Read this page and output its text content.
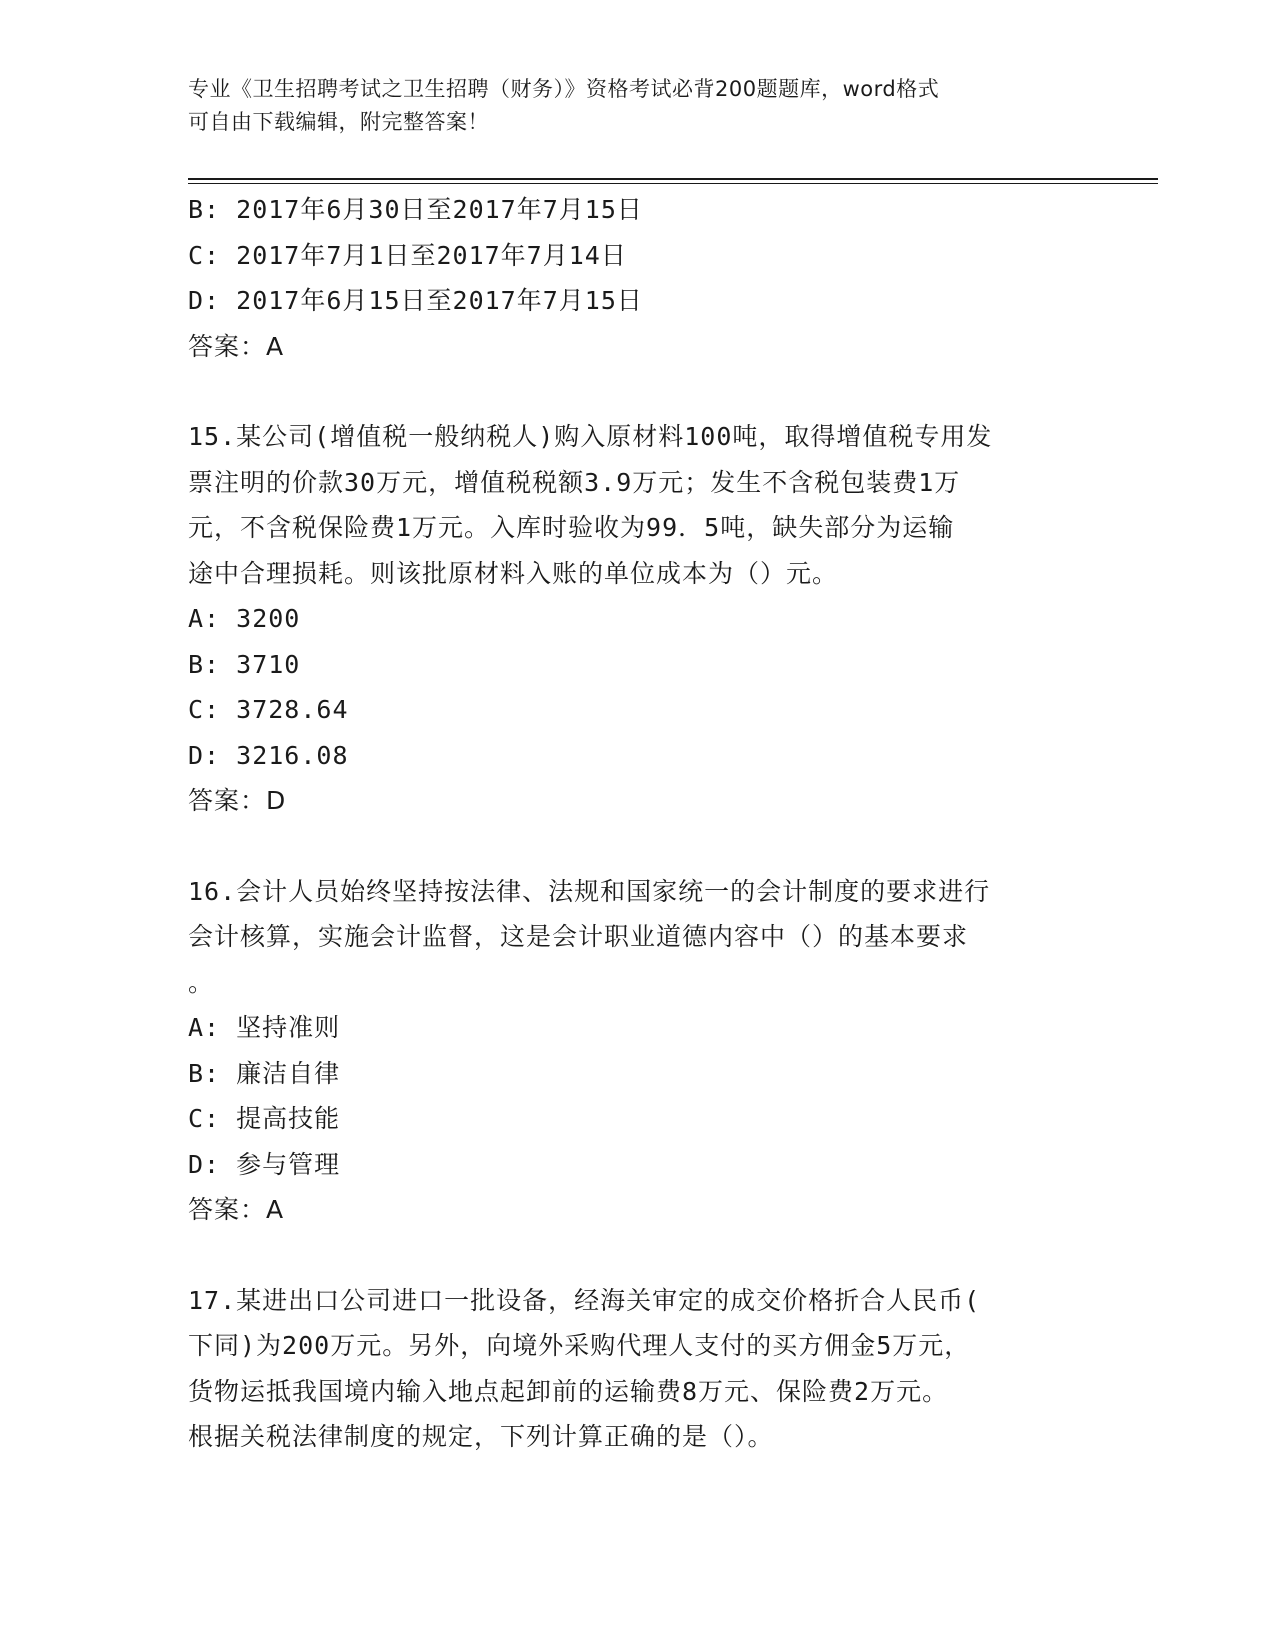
专业《卫生招聘考试之卫生招聘（财务）》资格考试必背200题题库，word格式
可自由下载编辑，附完整答案！
B: 2017年6月30日至2017年7月15日
C: 2017年7月1日至2017年7月14日
D: 2017年6月15日至2017年7月15日
答案：A
15.某公司(增值税一般纳税人)购入原材料100吨，取得增值税专用发
票注明的价款30万元，增值税税额3.9万元；发生不含税包装费1万
元，不含税保险费1万元。入库时验收为99．5吨，缺失部分为运输
途中合理损耗。则该批原材料入账的单位成本为（）元。
A: 3200
B: 3710
C: 3728.64
D: 3216.08
答案：D
16.会计人员始终坚持按法律、法规和国家统一的会计制度的要求进行
会计核算，实施会计监督，这是会计职业道德内容中（）的基本要求
。
A: 坚持准则
B: 廉洁自律
C: 提高技能
D: 参与管理
答案：A
17.某进出口公司进口一批设备，经海关审定的成交价格折合人民币(
下同)为200万元。另外，向境外采购代理人支付的买方佣金5万元，
货物运抵我国境内输入地点起卸前的运输费8万元、保险费2万元。
根据关税法律制度的规定，下列计算正确的是（）。
